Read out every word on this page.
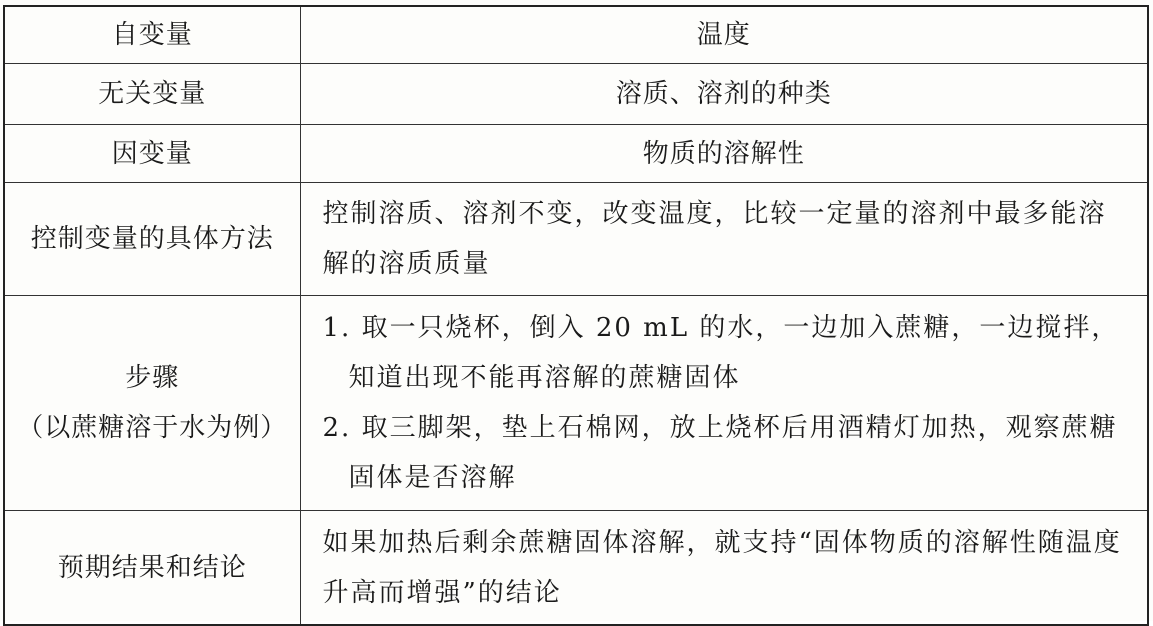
自变量	温度
无关变量	溶质、溶剂的种类
因变量	物质的溶解性
控制变量的具体方法	控制溶质、溶剂不变，改变温度，比较一定量的溶剂中最多能溶解的溶质质量

步骤
（以蔗糖溶于水为例）	1. 取一只烧杯，倒入 20 mL 的水，一边加入蔗糖，一边搅拌，知道出现不能再溶解的蔗糖固体
2. 取三脚架，垫上石棉网，放上烧杯后用酒精灯加热，观察蔗糖固体是否溶解

预期结果和结论	如果加热后剩余蔗糖固体溶解，就支持“固体物质的溶解性随温度升高而增强”的结论
